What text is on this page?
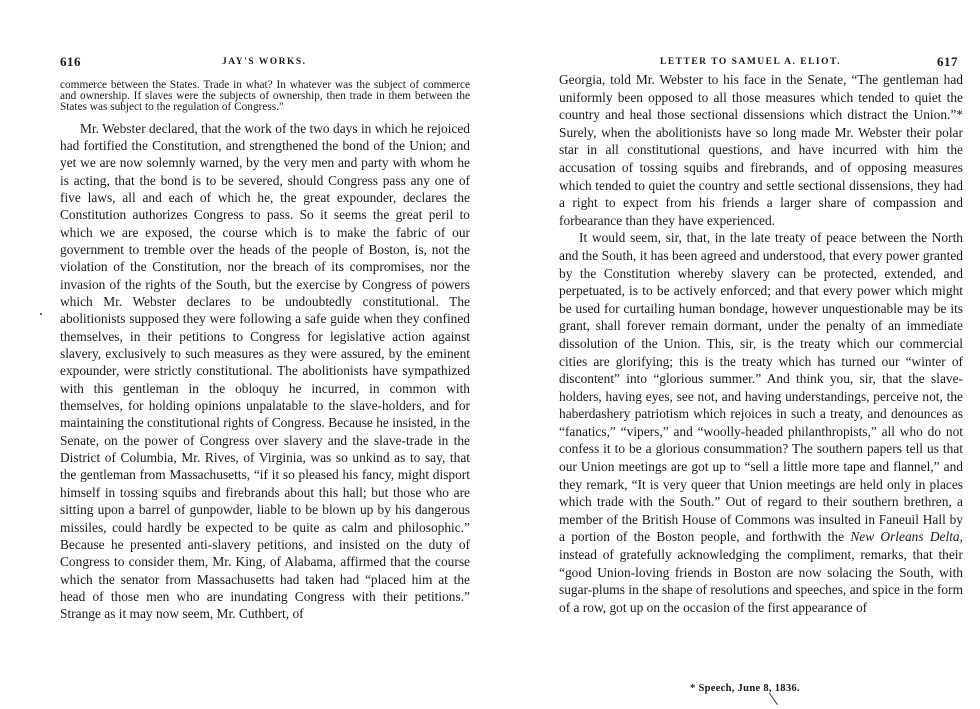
616	JAY'S WORKS.

commerce between the States. Trade in what? In whatever was the subject of commerce and ownership. If slaves were the subjects of ownership, then trade in them between the States was subject to the regulation of Congress."

Mr. Webster declared, that the work of the two days in which he rejoiced had fortified the Constitution, and strengthened the bond of the Union; and yet we are now solemnly warned, by the very men and party with whom he is acting, that the bond is to be severed, should Congress pass any one of five laws, all and each of which he, the great expounder, declares the Constitution authorizes Congress to pass. So it seems the great peril to which we are exposed, the course which is to make the fabric of our government to tremble over the heads of the people of Boston, is, not the violation of the Constitution, nor the breach of its compromises, nor the invasion of the rights of the South, but the exercise by Congress of powers which Mr. Webster declares to be undoubtedly constitutional. The abolitionists supposed they were following a safe guide when they confined themselves, in their petitions to Congress for legislative action against slavery, exclusively to such measures as they were assured, by the eminent expounder, were strictly constitutional. The abolitionists have sympathized with this gentleman in the obloquy he incurred, in common with themselves, for holding opinions unpalatable to the slave-holders, and for maintaining the constitutional rights of Congress. Because he insisted, in the Senate, on the power of Congress over slavery and the slave-trade in the District of Columbia, Mr. Rives, of Virginia, was so unkind as to say, that the gentleman from Massachusetts, “if it so pleased his fancy, might disport himself in tossing squibs and firebrands about this hall; but those who are sitting upon a barrel of gunpowder, liable to be blown up by his dangerous missiles, could hardly be expected to be quite as calm and philosophic.” Because he presented anti-slavery petitions, and insisted on the duty of Congress to consider them, Mr. King, of Alabama, affirmed that the course which the senator from Massachusetts had taken had “placed him at the head of those men who are inundating Congress with their petitions.” Strange as it may now seem, Mr. Cuthbert, of

LETTER TO SAMUEL A. ELIOT.	617

Georgia, told Mr. Webster to his face in the Senate, “The gentleman had uniformly been opposed to all those measures which tended to quiet the country and heal those sectional dissensions which distract the Union.”* Surely, when the abolitionists have so long made Mr. Webster their polar star in all constitutional questions, and have incurred with him the accusation of tossing squibs and firebrands, and of opposing measures which tended to quiet the country and settle sectional dissensions, they had a right to expect from his friends a larger share of compassion and forbearance than they have experienced.

It would seem, sir, that, in the late treaty of peace between the North and the South, it has been agreed and understood, that every power granted by the Constitution whereby slavery can be protected, extended, and perpetuated, is to be actively enforced; and that every power which might be used for curtailing human bondage, however unquestionable may be its grant, shall forever remain dormant, under the penalty of an immediate dissolution of the Union. This, sir, is the treaty which our commercial cities are glorifying; this is the treaty which has turned our “winter of discontent” into “glorious summer.” And think you, sir, that the slave-holders, having eyes, see not, and having understandings, perceive not, the haberdashery patriotism which rejoices in such a treaty, and denounces as “fanatics,” “vipers,” and “woolly-headed philanthropists,” all who do not confess it to be a glorious consummation? The southern papers tell us that our Union meetings are got up to “sell a little more tape and flannel,” and they remark, “It is very queer that Union meetings are held only in places which trade with the South.” Out of regard to their southern brethren, a member of the British House of Commons was insulted in Faneuil Hall by a portion of the Boston people, and forthwith the New Orleans Delta, instead of gratefully acknowledging the compliment, remarks, that their “good Union-loving friends in Boston are now solacing the South, with sugar-plums in the shape of resolutions and speeches, and spice in the form of a row, got up on the occasion of the first appearance of

* Speech, June 8, 1836.
